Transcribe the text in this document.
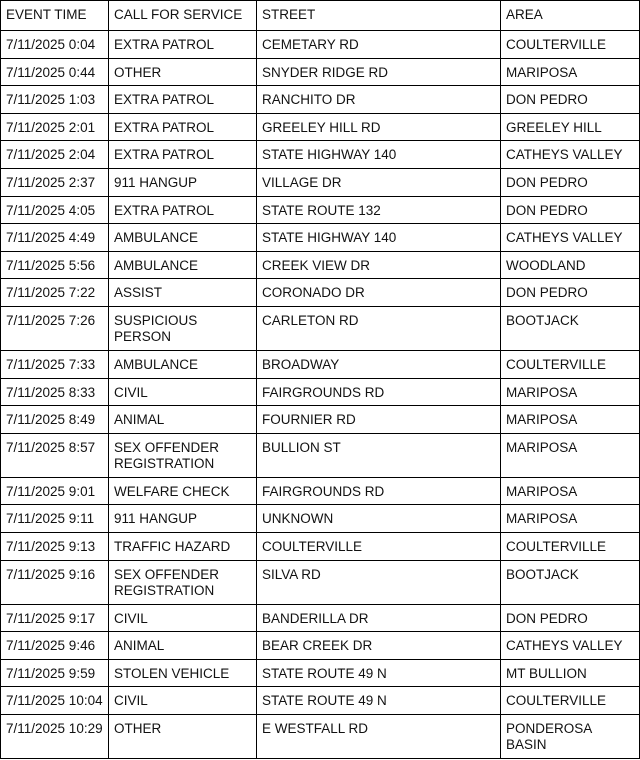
EVENT TIME	CALL FOR SERVICE	STREET	AREA
7/11/2025 0:04	EXTRA PATROL	CEMETARY RD	COULTERVILLE
7/11/2025 0:44	OTHER	SNYDER RIDGE RD	MARIPOSA
7/11/2025 1:03	EXTRA PATROL	RANCHITO DR	DON PEDRO
7/11/2025 2:01	EXTRA PATROL	GREELEY HILL RD	GREELEY HILL
7/11/2025 2:04	EXTRA PATROL	STATE HIGHWAY 140	CATHEYS VALLEY
7/11/2025 2:37	911 HANGUP	VILLAGE DR	DON PEDRO
7/11/2025 4:05	EXTRA PATROL	STATE ROUTE 132	DON PEDRO
7/11/2025 4:49	AMBULANCE	STATE HIGHWAY 140	CATHEYS VALLEY
7/11/2025 5:56	AMBULANCE	CREEK VIEW DR	WOODLAND
7/11/2025 7:22	ASSIST	CORONADO DR	DON PEDRO
7/11/2025 7:26	SUSPICIOUS PERSON	CARLETON RD	BOOTJACK
7/11/2025 7:33	AMBULANCE	BROADWAY	COULTERVILLE
7/11/2025 8:33	CIVIL	FAIRGROUNDS RD	MARIPOSA
7/11/2025 8:49	ANIMAL	FOURNIER RD	MARIPOSA
7/11/2025 8:57	SEX OFFENDER REGISTRATION	BULLION ST	MARIPOSA
7/11/2025 9:01	WELFARE CHECK	FAIRGROUNDS RD	MARIPOSA
7/11/2025 9:11	911 HANGUP	UNKNOWN	MARIPOSA
7/11/2025 9:13	TRAFFIC HAZARD	COULTERVILLE	COULTERVILLE
7/11/2025 9:16	SEX OFFENDER REGISTRATION	SILVA RD	BOOTJACK
7/11/2025 9:17	CIVIL	BANDERILLA DR	DON PEDRO
7/11/2025 9:46	ANIMAL	BEAR CREEK DR	CATHEYS VALLEY
7/11/2025 9:59	STOLEN VEHICLE	STATE ROUTE 49 N	MT BULLION
7/11/2025 10:04	CIVIL	STATE ROUTE 49 N	COULTERVILLE
7/11/2025 10:29	OTHER	E WESTFALL RD	PONDEROSA BASIN
